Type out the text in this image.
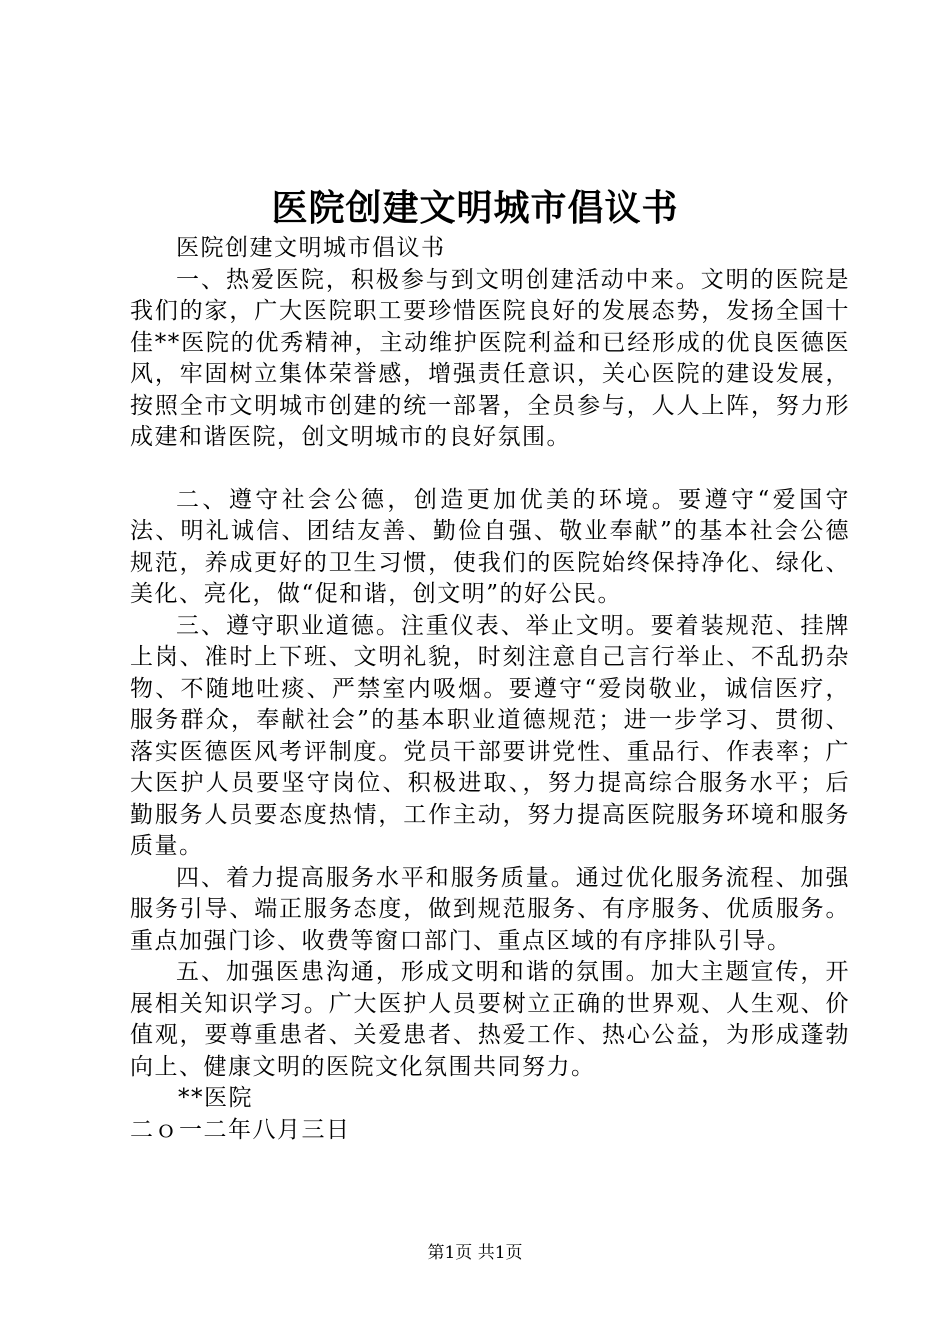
医院创建文明城市倡议书

医院创建文明城市倡议书

一、热爱医院，积极参与到文明创建活动中来。文明的医院是我们的家，广大医院职工要珍惜医院良好的发展态势，发扬全国十佳**医院的优秀精神，主动维护医院利益和已经形成的优良医德医风，牢固树立集体荣誉感，增强责任意识，关心医院的建设发展，按照全市文明城市创建的统一部署，全员参与，人人上阵，努力形成建和谐医院，创文明城市的良好氛围。

二、遵守社会公德，创造更加优美的环境。要遵守“爱国守法、明礼诚信、团结友善、勤俭自强、敬业奉献”的基本社会公德规范，养成更好的卫生习惯，使我们的医院始终保持净化、绿化、美化、亮化，做“促和谐，创文明”的好公民。

三、遵守职业道德。注重仪表、举止文明。要着装规范、挂牌上岗、准时上下班、文明礼貌，时刻注意自己言行举止、不乱扔杂物、不随地吐痰、严禁室内吸烟。要遵守“爱岗敬业，诚信医疗，服务群众，奉献社会”的基本职业道德规范；进一步学习、贯彻、落实医德医风考评制度。党员干部要讲党性、重品行、作表率；广大医护人员要坚守岗位、积极进取、，努力提高综合服务水平；后勤服务人员要态度热情，工作主动，努力提高医院服务环境和服务质量。

四、着力提高服务水平和服务质量。通过优化服务流程、加强服务引导、端正服务态度，做到规范服务、有序服务、优质服务。重点加强门诊、收费等窗口部门、重点区域的有序排队引导。

五、加强医患沟通，形成文明和谐的氛围。加大主题宣传，开展相关知识学习。广大医护人员要树立正确的世界观、人生观、价值观，要尊重患者、关爱患者、热爱工作、热心公益，为形成蓬勃向上、健康文明的医院文化氛围共同努力。

**医院

二ｏ一二年八月三日

第1页 共1页
